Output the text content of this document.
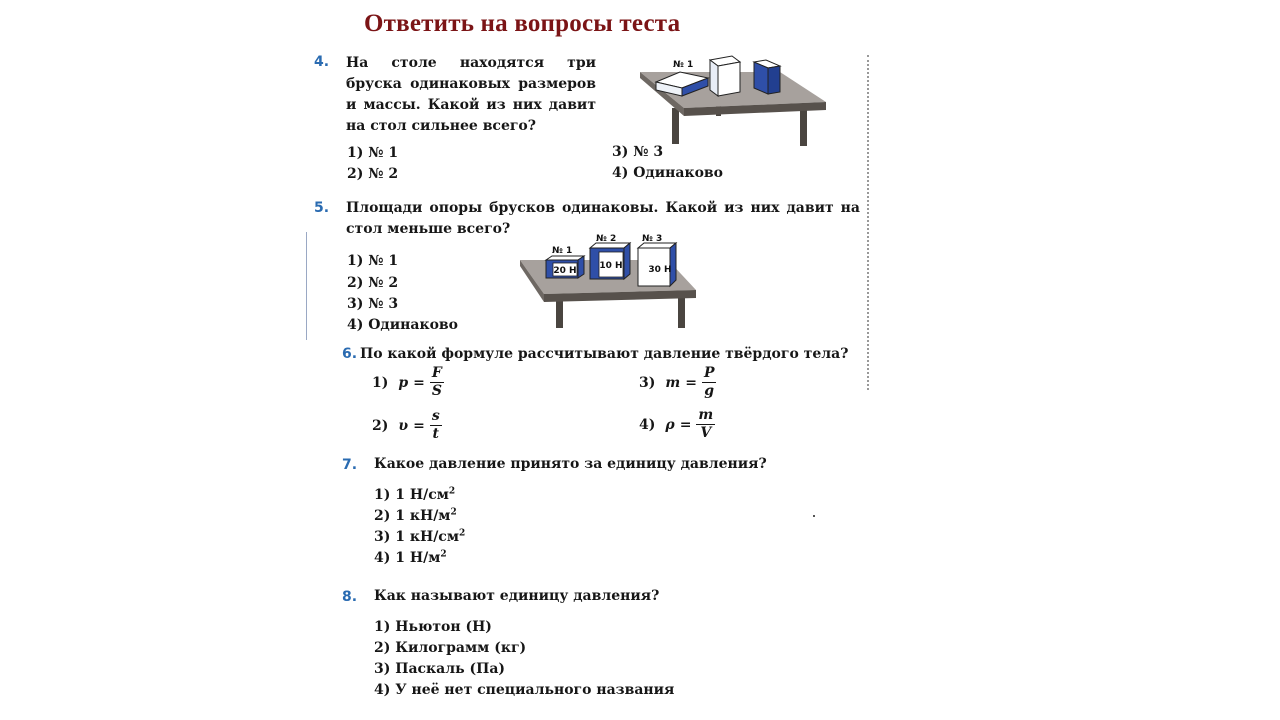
Ответить на вопросы теста
4. На столе находятся три бруска одинаковых размеров и массы. Какой из них давит на стол сильнее всего?

1) № 1
2) № 2
3) № 3
4) Одинаково
№ 1
5. Площади опоры брусков одинаковы. Какой из них давит на стол меньше всего?

1) № 1
2) № 2
3) № 3
4) Одинаково
20 Н	10 Н	30 Н
№ 1
№ 2	№ 3
6. По какой формуле рассчитывают давление твёрдого тела?

1) $p = \frac{F}{S}$
2) $\upsilon = \frac{s}{t}$
3) $m = \frac{P}{g}$
4) $\rho = \frac{m}{V}$
7. Какое давление принято за единицу давления?

1) 1 $Н/см^2$
2) 1 $кН/м^2$
3) 1 $кН/см^2$
4) 1 $Н/м^2$
8. Как называют единицу давления?

1) Ньютон (Н)
2) Килограмм (кг)
3) Паскаль (Па)
4) У неё нет специального названия
